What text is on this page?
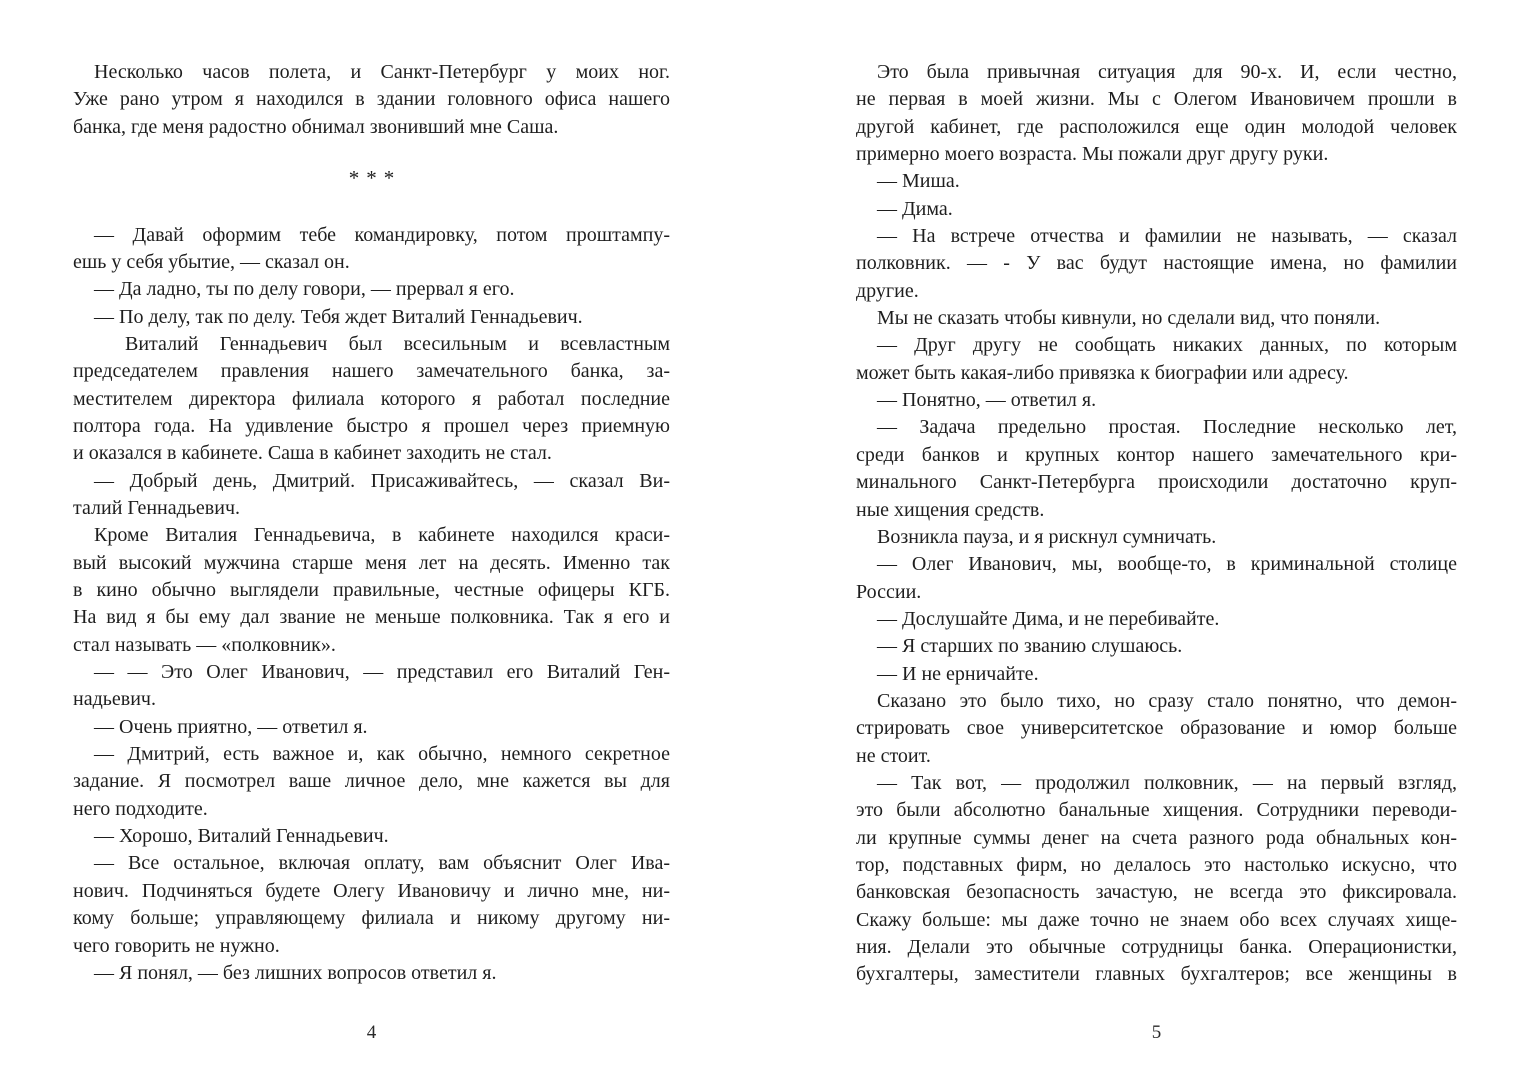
Несколько часов полета, и Санкт-Петербург у моих ног.
Уже рано утром я находился в здании головного офиса нашего
банка, где меня радостно обнимал звонивший мне Саша.
***
— Давай оформим тебе командировку, потом проштампу-
ешь у себя убытие, — сказал он.
— Да ладно, ты по делу говори, — прервал я его.
— По делу, так по делу. Тебя ждет Виталий Геннадьевич.
Виталий Геннадьевич был всесильным и всевластным
председателем правления нашего замечательного банка, за-
местителем директора филиала которого я работал последние
полтора года. На удивление быстро я прошел через приемную
и оказался в кабинете. Саша в кабинет заходить не стал.
— Добрый день, Дмитрий. Присаживайтесь, — сказал Ви-
талий Геннадьевич.
Кроме Виталия Геннадьевича, в кабинете находился краси-
вый высокий мужчина старше меня лет на десять. Именно так
в кино обычно выглядели правильные, честные офицеры КГБ.
На вид я бы ему дал звание не меньше полковника. Так я его и
стал называть — «полковник».
— — Это Олег Иванович, — представил его Виталий Ген-
надьевич.
— Очень приятно, — ответил я.
— Дмитрий, есть важное и, как обычно, немного секретное
задание. Я посмотрел ваше личное дело, мне кажется вы для
него подходите.
— Хорошо, Виталий Геннадьевич.
— Все остальное, включая оплату, вам объяснит Олег Ива-
нович. Подчиняться будете Олегу Ивановичу и лично мне, ни-
кому больше; управляющему филиала и никому другому ни-
чего говорить не нужно.
— Я понял, — без лишних вопросов ответил я.
Это была привычная ситуация для 90-х. И, если честно,
не первая в моей жизни. Мы с Олегом Ивановичем прошли в
другой кабинет, где расположился еще один молодой человек
примерно моего возраста. Мы пожали друг другу руки.
— Миша.
— Дима.
— На встрече отчества и фамилии не называть, — сказал
полковник. — - У вас будут настоящие имена, но фамилии
другие.
Мы не сказать чтобы кивнули, но сделали вид, что поняли.
— Друг другу не сообщать никаких данных, по которым
может быть какая-либо привязка к биографии или адресу.
— Понятно, — ответил я.
— Задача предельно простая. Последние несколько лет,
среди банков и крупных контор нашего замечательного кри-
минального Санкт-Петербурга происходили достаточно круп-
ные хищения средств.
Возникла пауза, и я рискнул сумничать.
— Олег Иванович, мы, вообще-то, в криминальной столице
России.
— Дослушайте Дима, и не перебивайте.
— Я старших по званию слушаюсь.
— И не ерничайте.
Сказано это было тихо, но сразу стало понятно, что демон-
стрировать свое университетское образование и юмор больше
не стоит.
— Так вот, — продолжил полковник, — на первый взгляд,
это были абсолютно банальные хищения. Сотрудники переводи-
ли крупные суммы денег на счета разного рода обнальных кон-
тор, подставных фирм, но делалось это настолько искусно, что
банковская безопасность зачастую, не всегда это фиксировала.
Скажу больше: мы даже точно не знаем обо всех случаях хище-
ния. Делали это обычные сотрудницы банка. Операционистки,
бухгалтеры, заместители главных бухгалтеров; все женщины в
4	5
